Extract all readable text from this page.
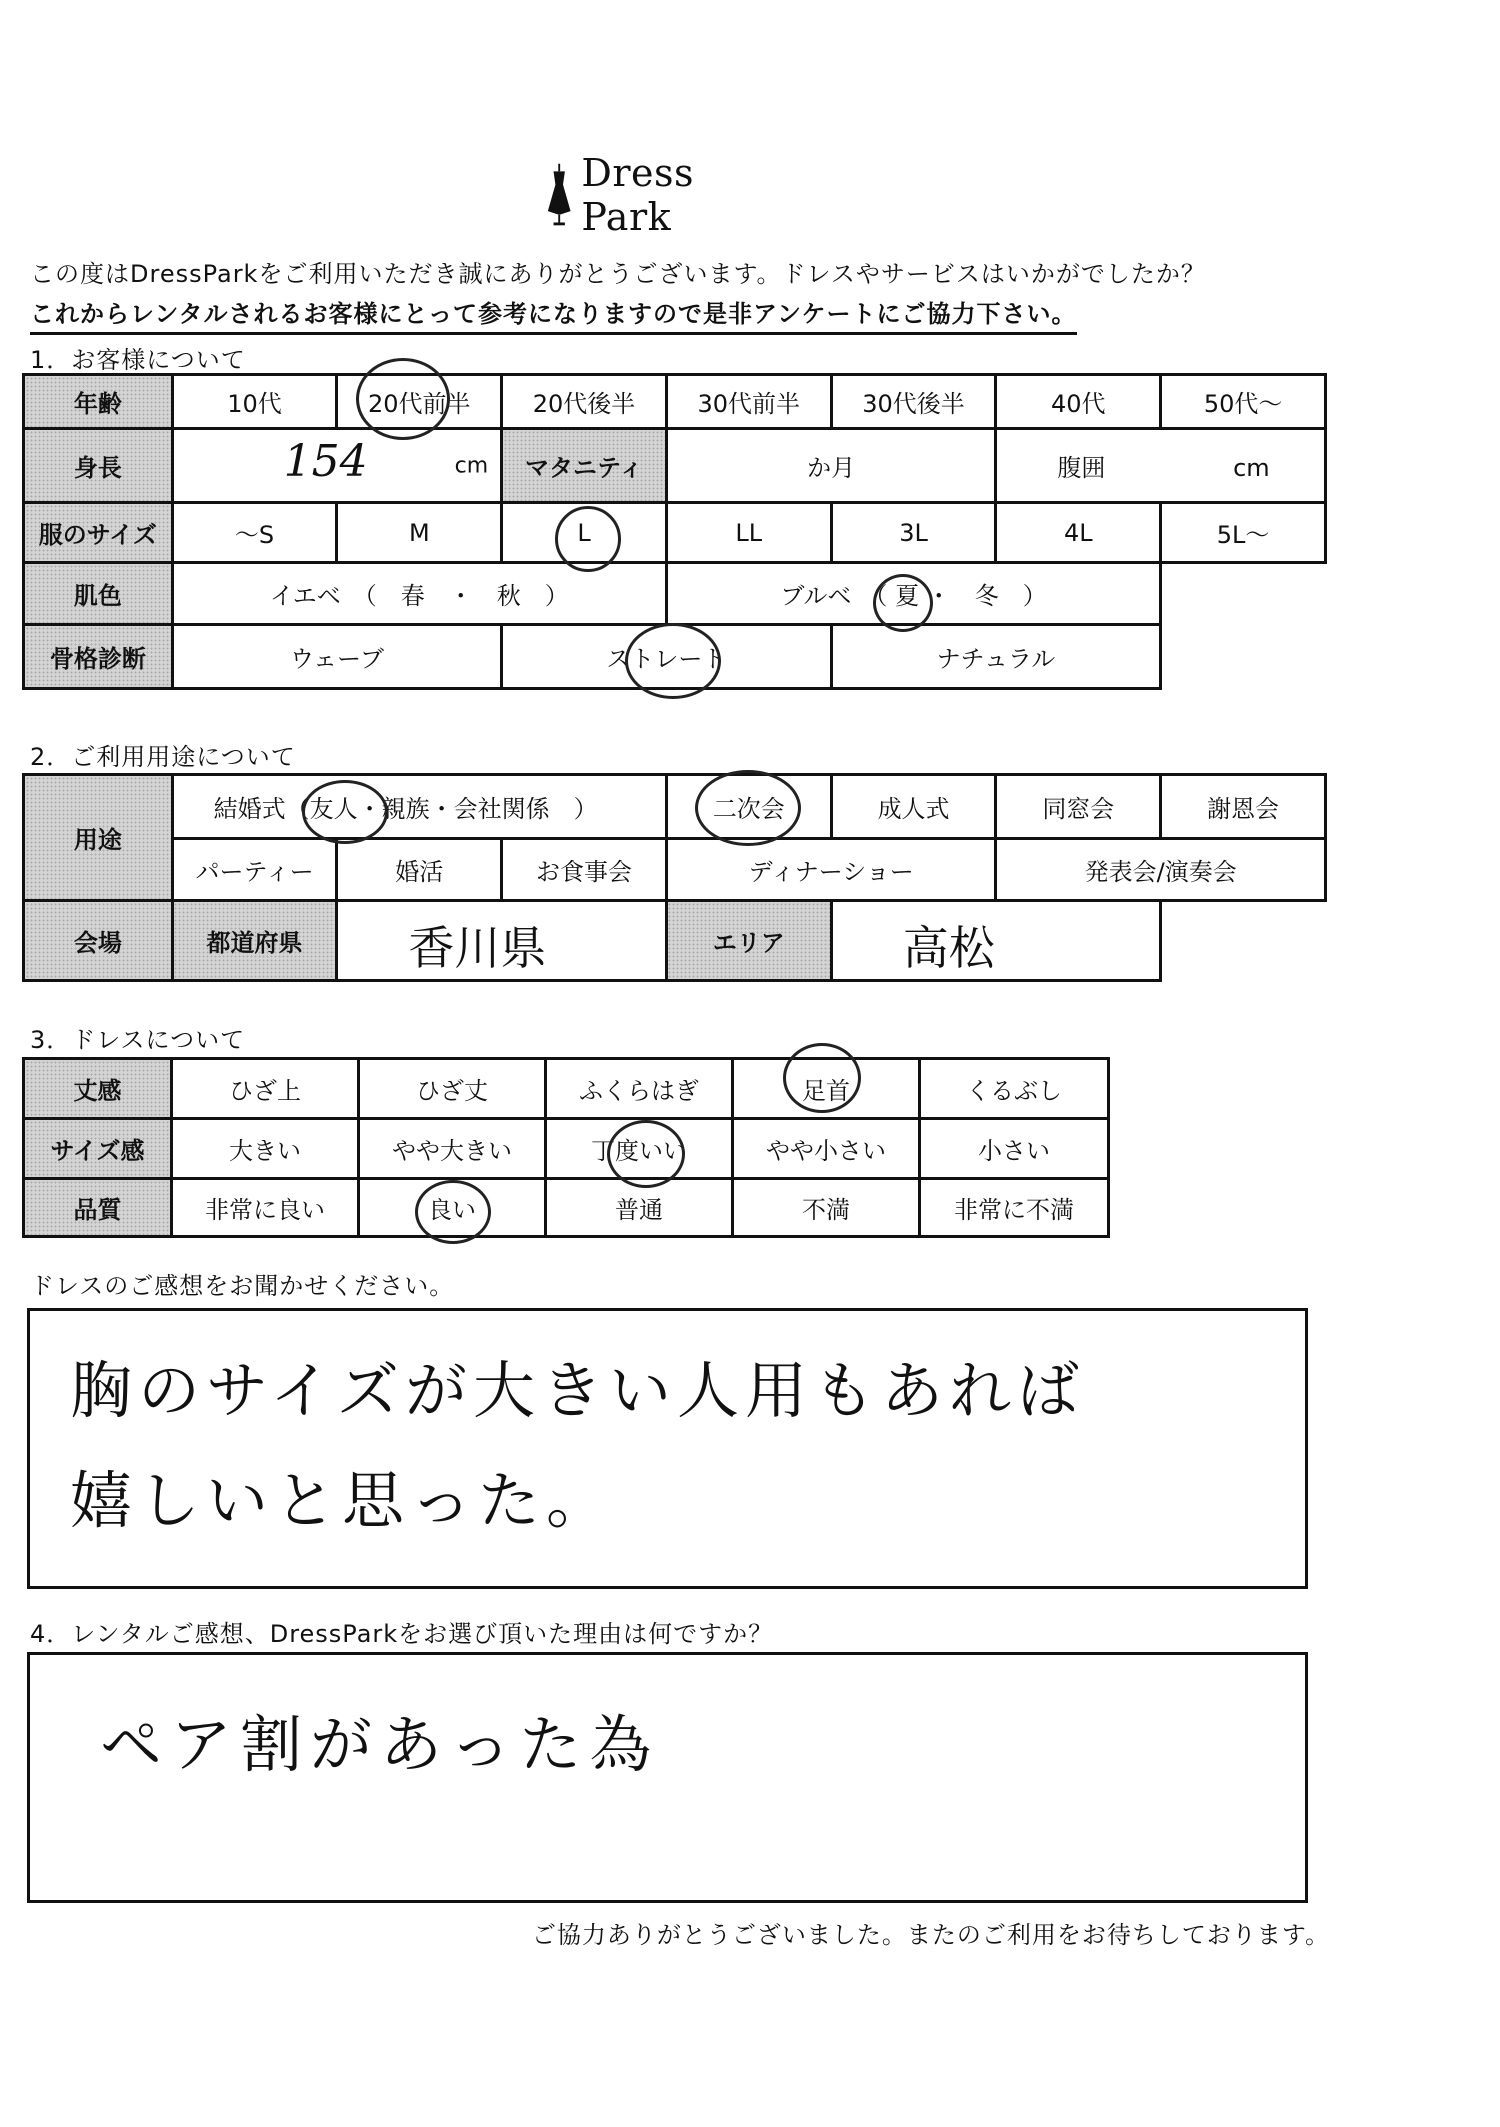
Dress Park
この度はDressParkをご利用いただき誠にありがとうございます。ドレスやサービスはいかがでしたか？
これからレンタルされるお客様にとって参考になりますので是非アンケートにご協力下さい。
1．お客様について
年齢	10代	20代前半	20代後半	30代前半	30代後半	40代	50代～
身長	154 cm		マタニティ	か月		腹囲 cm	
服のサイズ	～S	M	L	LL	3L	4L	5L～
肌色	イエベ　（　春　・　秋　）			ブルベ　（ 夏 ・　冬　）			
骨格診断	ウェーブ		ストレート		ナチュラル		
2．ご利用用途について
用途	結婚式（友人・親族・会社関係　）			二次会	成人式	同窓会	謝恩会
	パーティー	婚活	お食事会	ディナーショー		発表会/演奏会	
会場	都道府県	香川県		エリア	高松		

3．ドレスについて
丈感	ひざ上	ひざ丈	ふくらはぎ	足首	くるぶし
サイズ感	大きい	やや大きい	丁度いい	やや小さい	小さい
品質	非常に良い	良い	普通	不満	非常に不満
ドレスのご感想をお聞かせください。
胸のサイズが大きい人用もあれば
嬉しいと思った。
4．レンタルご感想、DressParkをお選び頂いた理由は何ですか？
ペア割があった為
ご協力ありがとうございました。またのご利用をお待ちしております。
